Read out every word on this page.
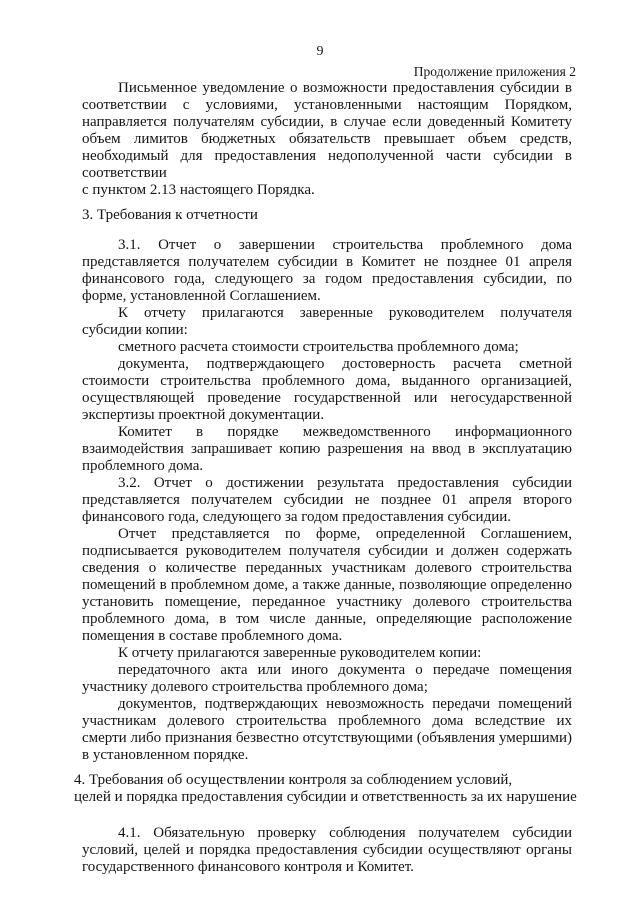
9
Продолжение приложения 2

Письменное уведомление о возможности предоставления субсидии в соответствии с условиями, установленными настоящим Порядком, направляется получателям субсидии, в случае если доведенный Комитету объем лимитов бюджетных обязательств превышает объем средств, необходимый для предоставления недополученной части субсидии в соответствии

с пунктом 2.13 настоящего Порядка.

3. Требования к отчетности

3.1. Отчет о завершении строительства проблемного дома представляется получателем субсидии в Комитет не позднее 01 апреля финансового года, следующего за годом предоставления субсидии, по форме, установленной Соглашением.

К отчету прилагаются заверенные руководителем получателя субсидии копии:

сметного расчета стоимости строительства проблемного дома;

документа, подтверждающего достоверность расчета сметной стоимости строительства проблемного дома, выданного организацией, осуществляющей проведение государственной или негосударственной экспертизы проектной документации.

Комитет в порядке межведомственного информационного взаимодействия запрашивает копию разрешения на ввод в эксплуатацию проблемного дома.

3.2. Отчет о достижении результата предоставления субсидии представляется получателем субсидии не позднее 01 апреля второго финансового года, следующего за годом предоставления субсидии.

Отчет представляется по форме, определенной Соглашением, подписывается руководителем получателя субсидии и должен содержать сведения о количестве переданных участникам долевого строительства помещений в проблемном доме, а также данные, позволяющие определенно установить помещение, переданное участнику долевого строительства проблемного дома, в том числе данные, определяющие расположение помещения в составе проблемного дома.

К отчету прилагаются заверенные руководителем копии:

передаточного акта или иного документа о передаче помещения участнику долевого строительства проблемного дома;

документов, подтверждающих невозможность передачи помещений участникам долевого строительства проблемного дома вследствие их смерти либо признания безвестно отсутствующими (объявления умершими) в установленном порядке.

4. Требования об осуществлении контроля за соблюдением условий,

целей и порядка предоставления субсидии и ответственность за их нарушение

4.1. Обязательную проверку соблюдения получателем субсидии условий, целей и порядка предоставления субсидии осуществляют органы государственного финансового контроля и Комитет.
